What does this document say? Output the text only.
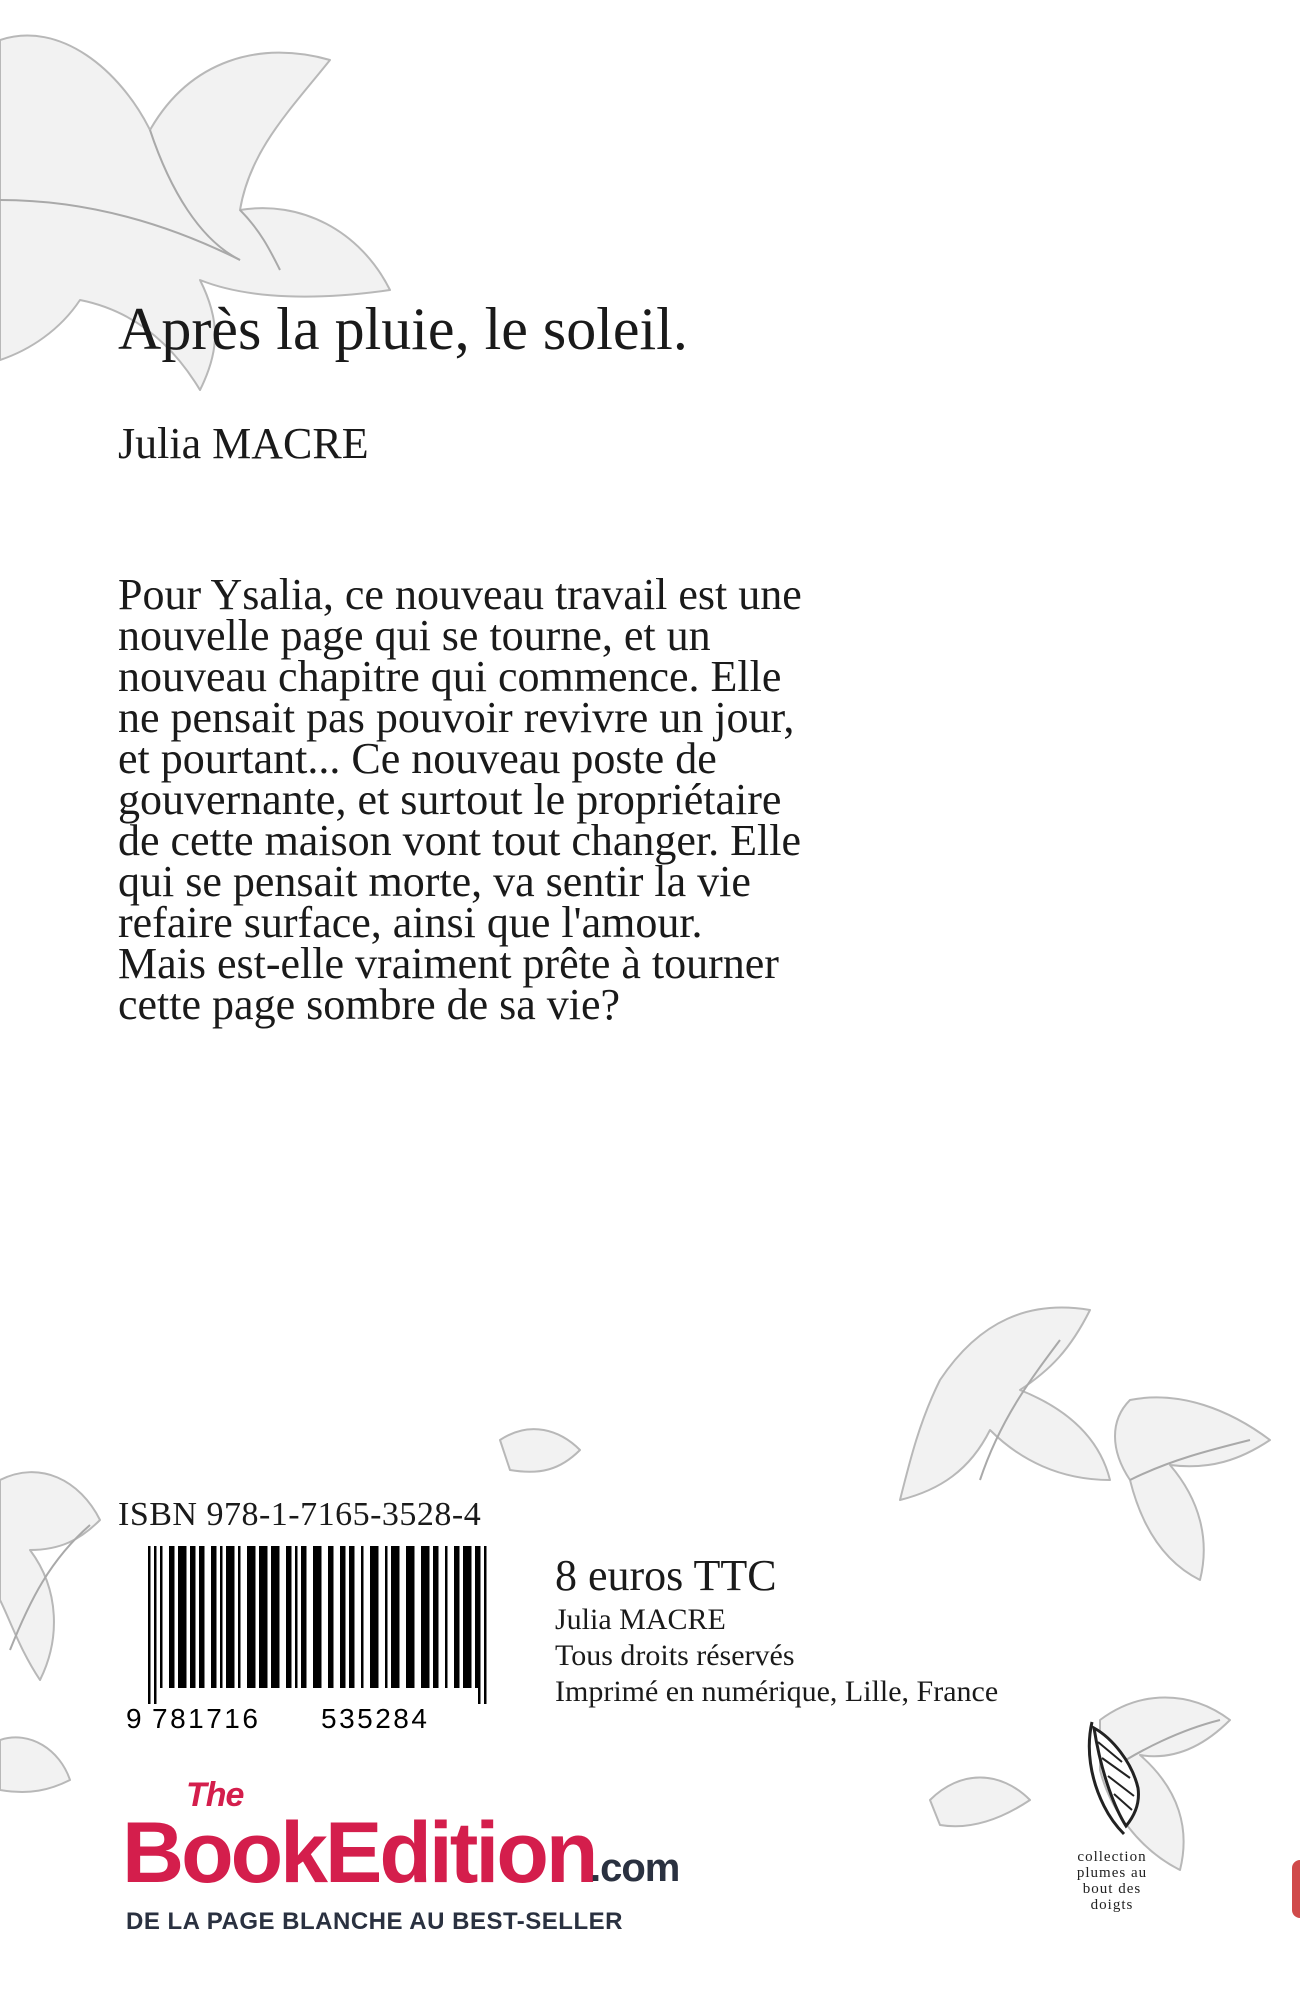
Après la pluie, le soleil.
Julia MACRE

Pour Ysalia, ce nouveau travail est une

nouvelle page qui se tourne, et un

nouveau chapitre qui commence. Elle

ne pensait pas pouvoir revivre un jour,

et pourtant... Ce nouveau poste de

gouvernante, et surtout le propriétaire

de cette maison vont tout changer. Elle

qui se pensait morte, va sentir la vie

refaire surface, ainsi que l'amour.

Mais est-elle vraiment prête à tourner

cette page sombre de sa vie?

ISBN 978-1-7165-3528-4
9 781716 535284
8 euros TTC
Julia MACRE
Tous droits réservés
Imprimé en numérique, Lille, France
The
BookEdition
.com
DE LA PAGE BLANCHE AU BEST-SELLER
collection
plumes au
bout des
doigts
